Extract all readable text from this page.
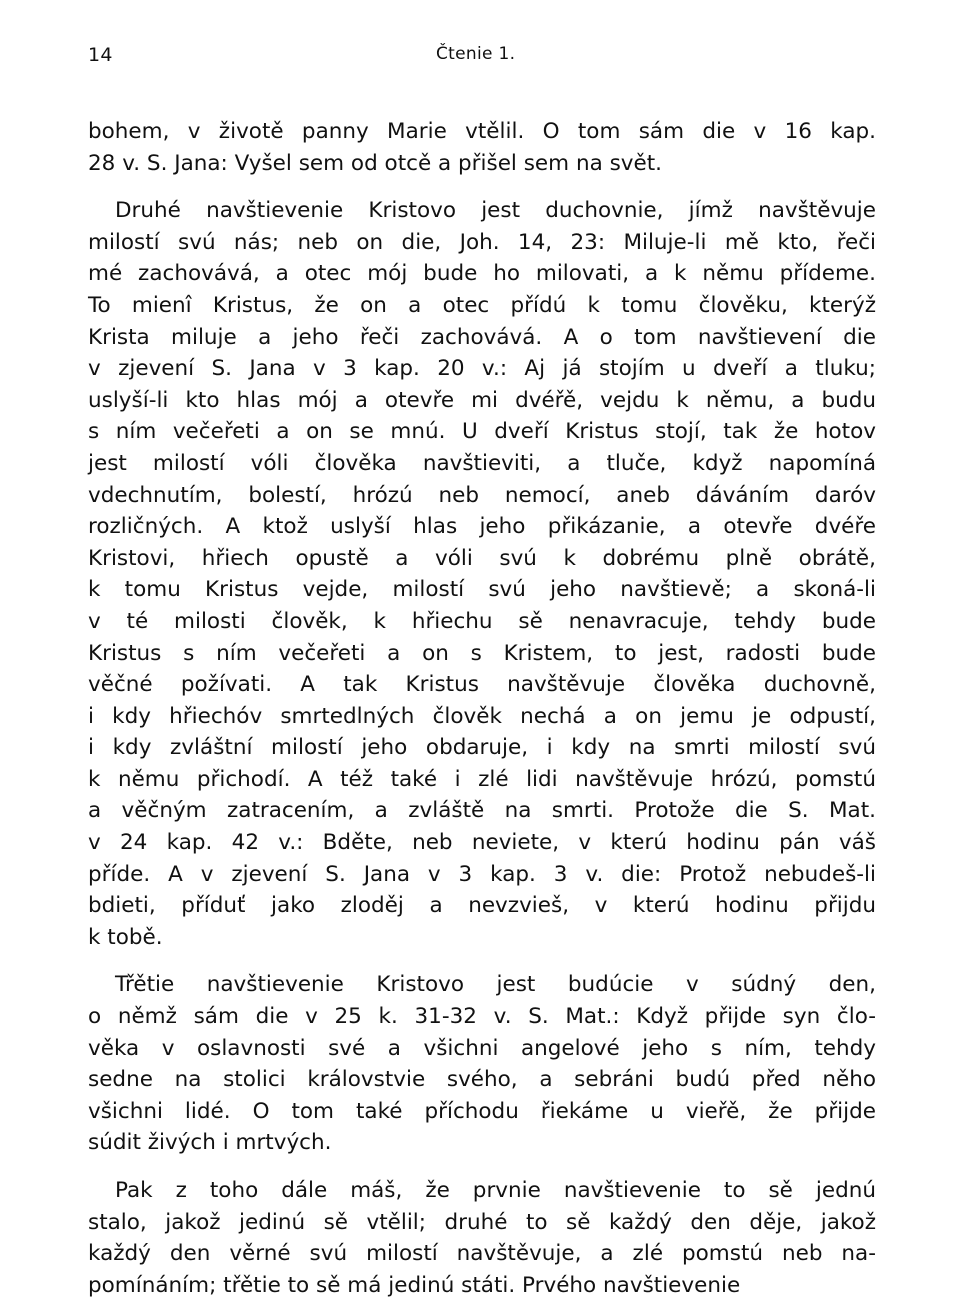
14	Čtenie 1.
bohem, v životě panny Marie vtělil. O tom sám die v 16 kap.
28 v. S. Jana: Vyšel sem od otcě a přišel sem na svět.
Druhé navštievenie Kristovo jest duchovnie, jímž navštěvuje
milostí svú nás; neb on die, Joh. 14, 23: Miluje-li mě kto, řeči
mé zachovává, a otec mój bude ho milovati, a k němu přídeme.
To mienî Kristus, že on a otec přídú k tomu člověku, kterýž
Krista miluje a jeho řeči zachovává. A o tom navštievení die
v zjevení S. Jana v 3 kap. 20 v.: Aj já stojím u dveří a tluku;
uslyší-li kto hlas mój a otevře mi dvéřě, vejdu k němu, a budu
s ním večeřeti a on se mnú. U dveří Kristus stojí, tak že hotov
jest milostí vóli člověka navštieviti, a tluče, když napomíná
vdechnutím, bolestí, hrózú neb nemocí, aneb dáváním daróv
rozličných. A ktož uslyší hlas jeho přikázanie, a otevře dvéře
Kristovi, hřiech opustě a vóli svú k dobrému plně obrátě,
k tomu Kristus vejde, milostí svú jeho navštievě; a skoná-li
v té milosti člověk, k hřiechu sě nenavracuje, tehdy bude
Kristus s ním večeřeti a on s Kristem, to jest, radosti bude
věčné požívati. A tak Kristus navštěvuje člověka duchovně,
i kdy hřiechóv smrtedlných člověk nechá a on jemu je odpustí,
i kdy zvláštní milostí jeho obdaruje, i kdy na smrti milostí svú
k němu přichodí. A též také i zlé lidi navštěvuje hrózú, pomstú
a věčným zatracením, a zvláště na smrti. Protože die S. Mat.
v 24 kap. 42 v.: Bděte, neb neviete, v kterú hodinu pán váš
příde. A v zjevení S. Jana v 3 kap. 3 v. die: Protož nebudeš-li
bdieti, příduť jako zloděj a nevzvieš, v kterú hodinu přijdu
k tobě.
Třětie navštievenie Kristovo jest budúcie v súdný den,
o němž sám die v 25 k. 31-32 v. S. Mat.: Když přijde syn člo-
věka v oslavnosti své a všichni angelové jeho s ním, tehdy
sedne na stolici královstvie svého, a sebráni budú před něho
všichni lidé. O tom také příchodu řiekáme u vieřě, že přijde
súdit živých i mrtvých.
Pak z toho dále máš, že prvnie navštievenie to sě jednú
stalo, jakož jedinú sě vtělil; druhé to sě každý den děje, jakož
každý den věrné svú milostí navštěvuje, a zlé pomstú neb na-
pomínáním; třětie to sě má jedinú státi. Prvého navštievenie
